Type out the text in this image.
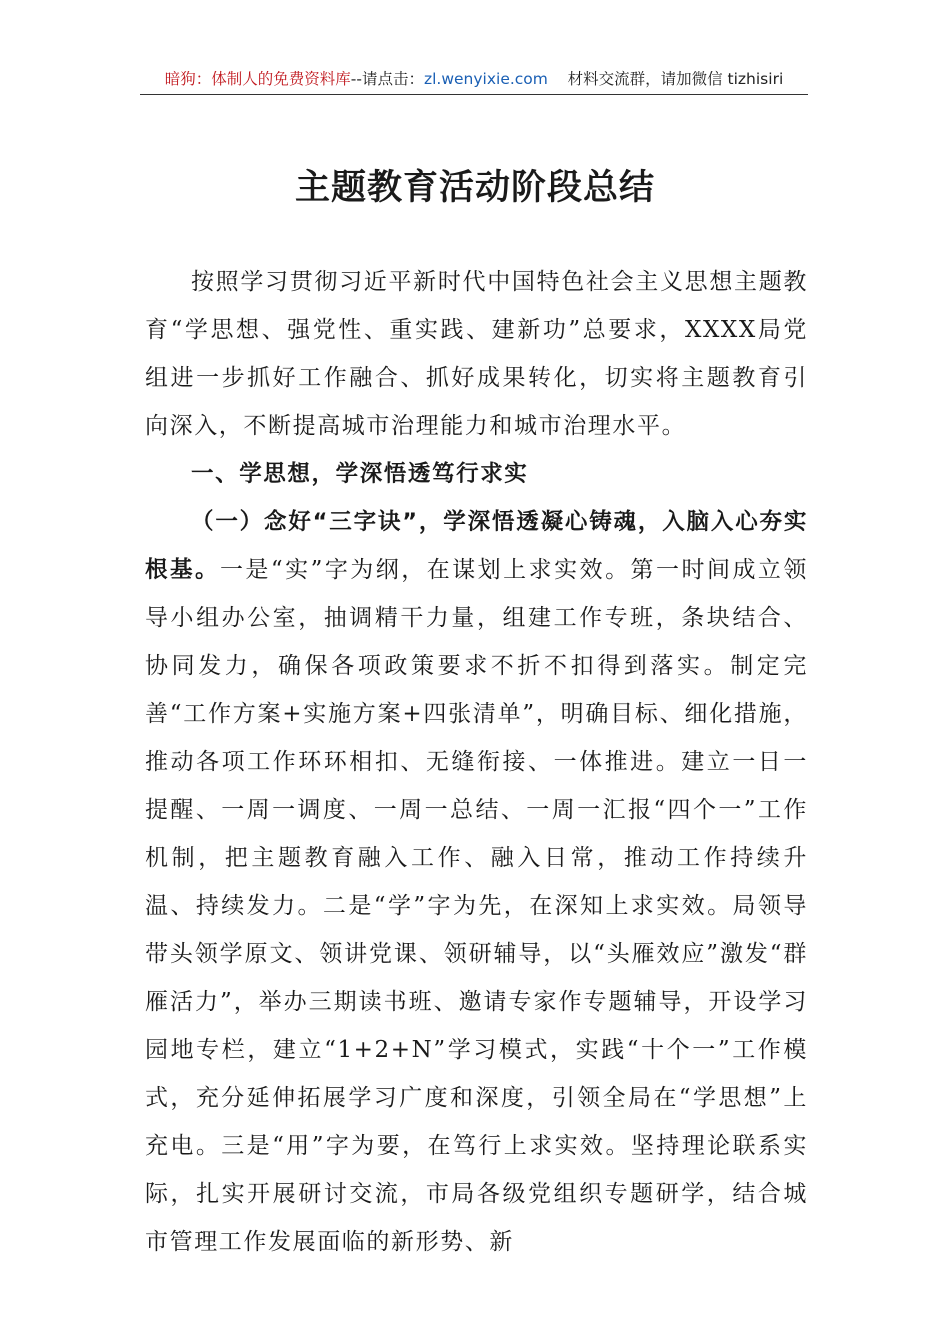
暗狗：体制人的免费资料库--请点击：zl.wenyixie.com 材料交流群，请加微信 tizhisiri
主题教育活动阶段总结

按照学习贯彻习近平新时代中国特色社会主义思想主题教育“学思想、强党性、重实践、建新功”总要求，XXXX局党组进一步抓好工作融合、抓好成果转化，切实将主题教育引向深入，不断提高城市治理能力和城市治理水平。

一、学思想，学深悟透笃行求实

（一）念好“三字诀”，学深悟透凝心铸魂，入脑入心夯实根基。一是“实”字为纲，在谋划上求实效。第一时间成立领导小组办公室，抽调精干力量，组建工作专班，条块结合、协同发力，确保各项政策要求不折不扣得到落实。制定完善“工作方案+实施方案+四张清单”，明确目标、细化措施，推动各项工作环环相扣、无缝衔接、一体推进。建立一日一提醒、一周一调度、一周一总结、一周一汇报“四个一”工作机制，把主题教育融入工作、融入日常，推动工作持续升温、持续发力。二是“学”字为先，在深知上求实效。局领导带头领学原文、领讲党课、领研辅导，以“头雁效应”激发“群雁活力”，举办三期读书班、邀请专家作专题辅导，开设学习园地专栏，建立“1+2+N”学习模式，实践“十个一”工作模式，充分延伸拓展学习广度和深度，引领全局在“学思想”上充电。三是“用”字为要，在笃行上求实效。坚持理论联系实际，扎实开展研讨交流，市局各级党组织专题研学，结合城市管理工作发展面临的新形势、新
